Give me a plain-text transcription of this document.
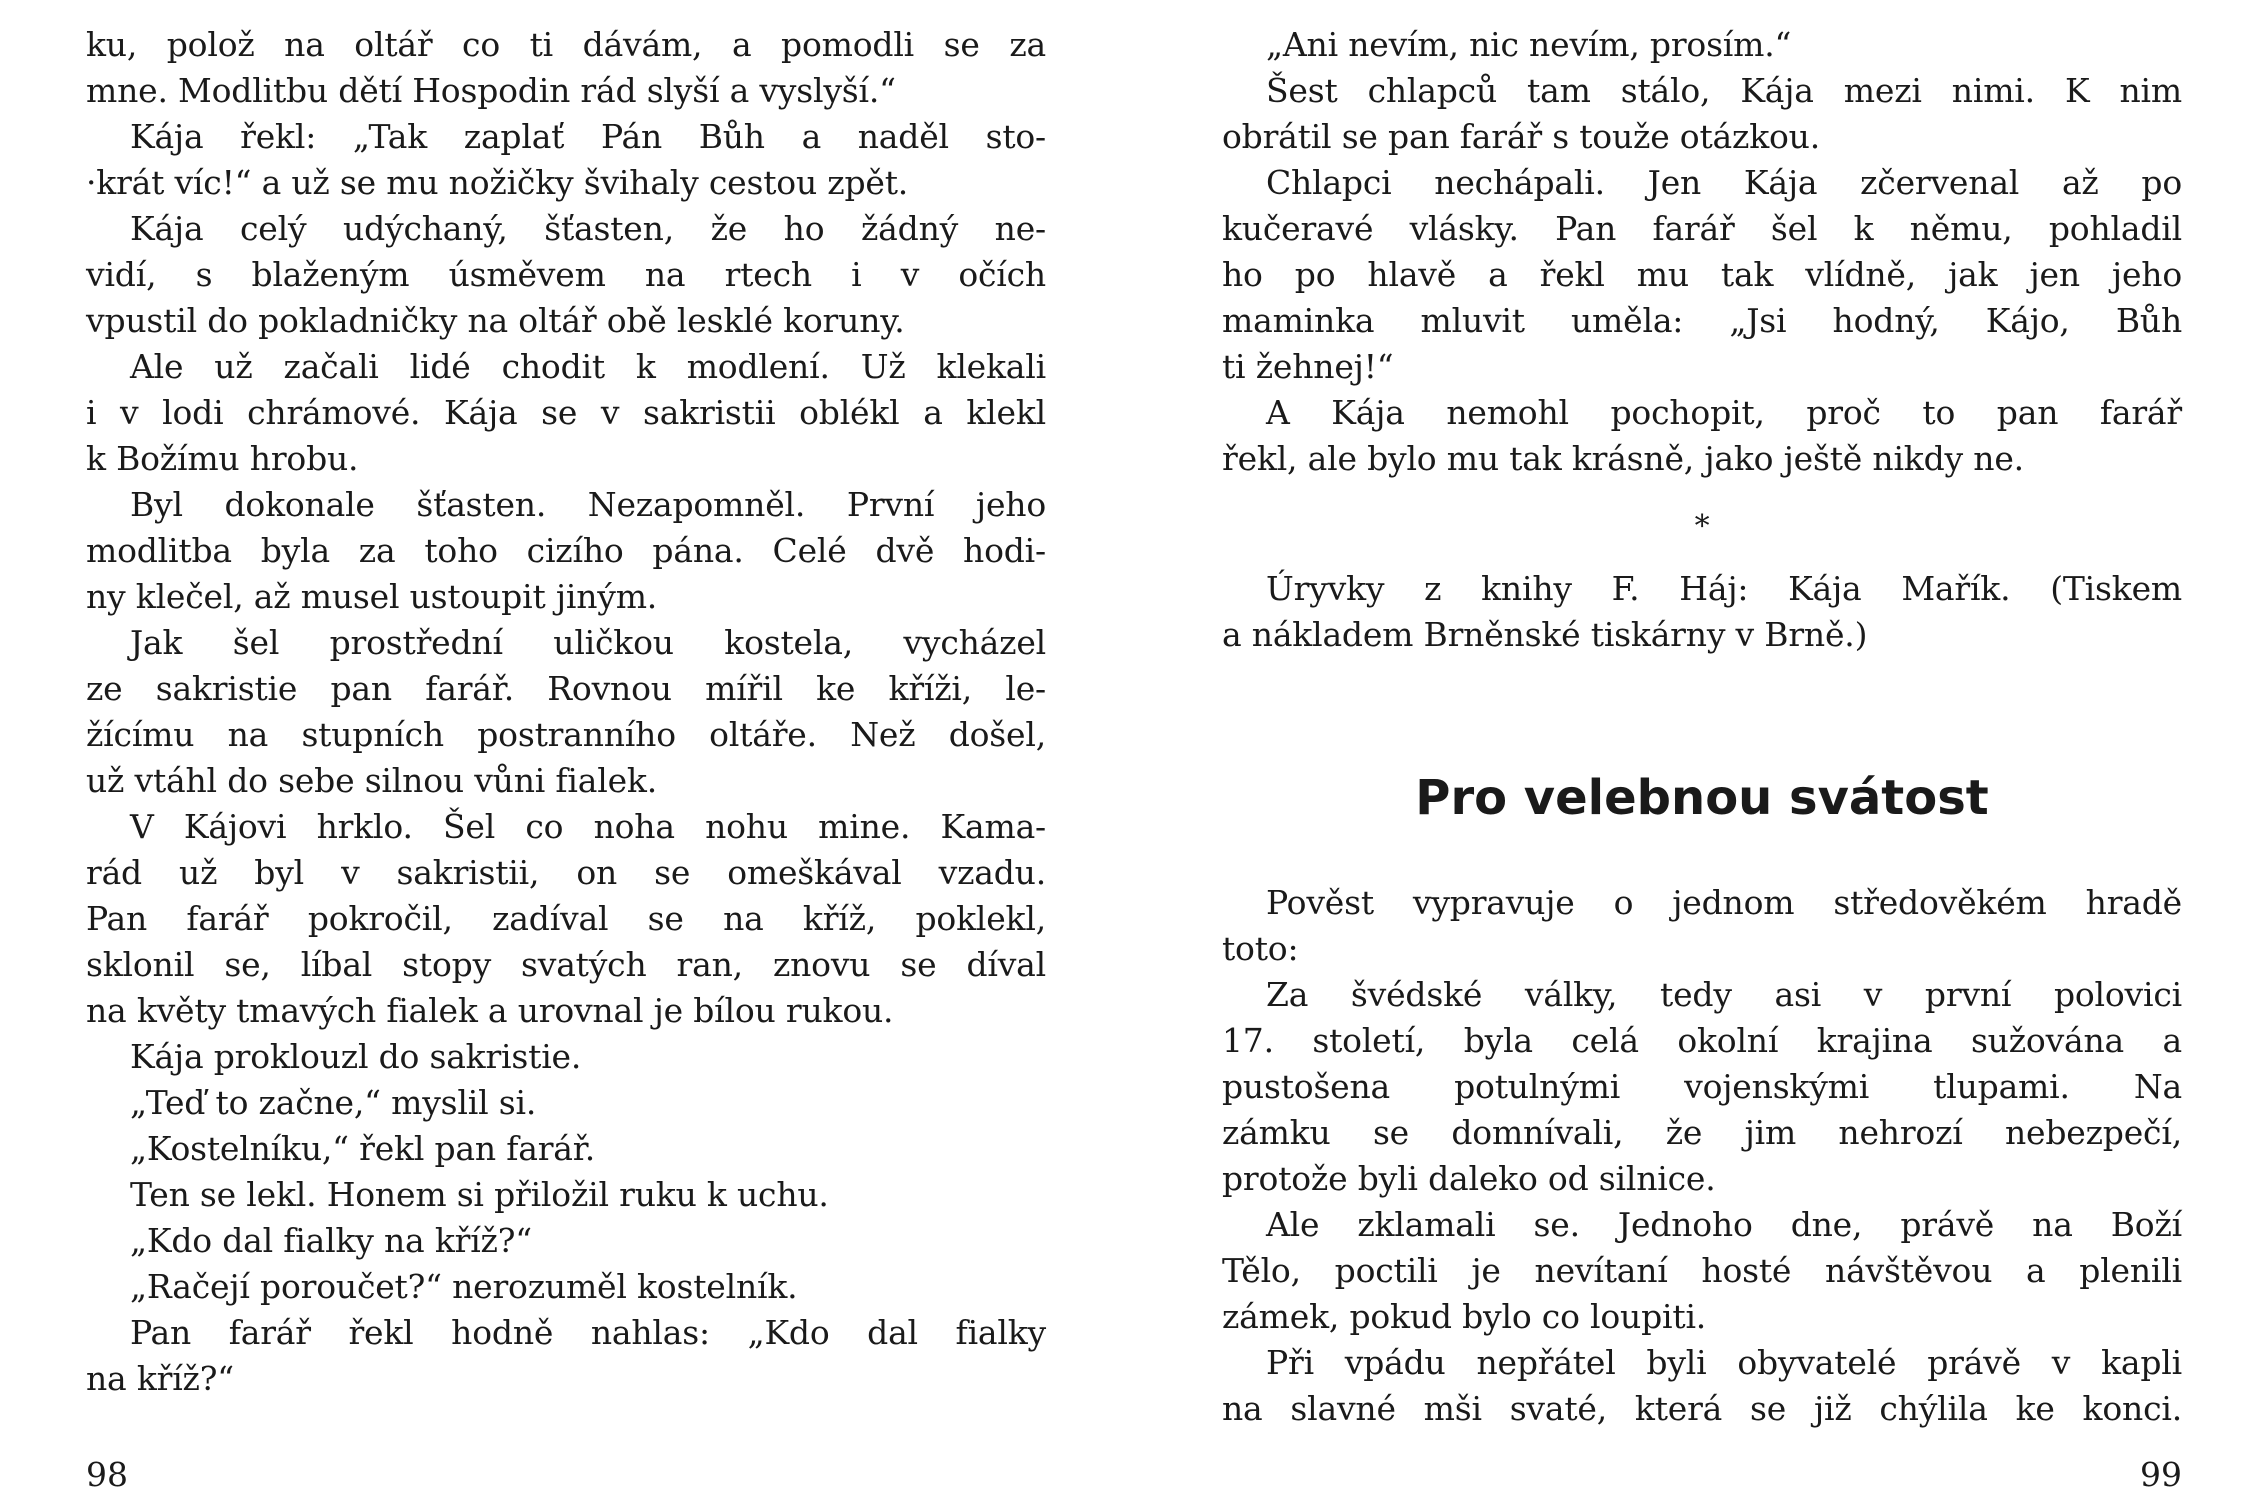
ku, polož na oltář co ti dávám, a pomodli se za
mne. Modlitbu dětí Hospodin rád slyší a vyslyší.“
Kája řekl: „Tak zaplať Pán Bůh a naděl sto-
·krát víc!“ a už se mu nožičky švihaly cestou zpět.
Kája celý udýchaný, šťasten, že ho žádný ne-
vidí, s blaženým úsměvem na rtech i v očích
vpustil do pokladničky na oltář obě lesklé koruny.
Ale už začali lidé chodit k modlení. Už klekali
i v lodi chrámové. Kája se v sakristii oblékl a klekl
k Božímu hrobu.
Byl dokonale šťasten. Nezapomněl. První jeho
modlitba byla za toho cizího pána. Celé dvě hodi-
ny klečel, až musel ustoupit jiným.
Jak šel prostřední uličkou kostela, vycházel
ze sakristie pan farář. Rovnou mířil ke kříži, le-
žícímu na stupních postranního oltáře. Než došel,
už vtáhl do sebe silnou vůni fialek.
V Kájovi hrklo. Šel co noha nohu mine. Kama-
rád už byl v sakristii, on se omeškával vzadu.
Pan farář pokročil, zadíval se na kříž, poklekl,
sklonil se, líbal stopy svatých ran, znovu se díval
na květy tmavých fialek a urovnal je bílou rukou.
Kája proklouzl do sakristie.
„Teď to začne,“ myslil si.
„Kostelníku,“ řekl pan farář.
Ten se lekl. Honem si přiložil ruku k uchu.
„Kdo dal fialky na kříž?“
„Račejí poroučet?“ nerozuměl kostelník.
Pan farář řekl hodně nahlas: „Kdo dal fialky
na kříž?“
98
„Ani nevím, nic nevím, prosím.“
Šest chlapců tam stálo, Kája mezi nimi. K nim
obrátil se pan farář s touže otázkou.
Chlapci nechápali. Jen Kája zčervenal až po
kučeravé vlásky. Pan farář šel k němu, pohladil
ho po hlavě a řekl mu tak vlídně, jak jen jeho
maminka mluvit uměla: „Jsi hodný, Kájo, Bůh
ti žehnej!“
A Kája nemohl pochopit, proč to pan farář
řekl, ale bylo mu tak krásně, jako ještě nikdy ne.
*
Úryvky z knihy F. Háj: Kája Mařík. (Tiskem
a nákladem Brněnské tiskárny v Brně.)
Pro velebnou svátost
Pověst vypravuje o jednom středověkém hradě
toto:
Za švédské války, tedy asi v první polovici
17. století, byla celá okolní krajina sužována a
pustošena potulnými vojenskými tlupami. Na
zámku se domnívali, že jim nehrozí nebezpečí,
protože byli daleko od silnice.
Ale zklamali se. Jednoho dne, právě na Boží
Tělo, poctili je nevítaní hosté návštěvou a plenili
zámek, pokud bylo co loupiti.
Při vpádu nepřátel byli obyvatelé právě v kapli
na slavné mši svaté, která se již chýlila ke konci.
99
